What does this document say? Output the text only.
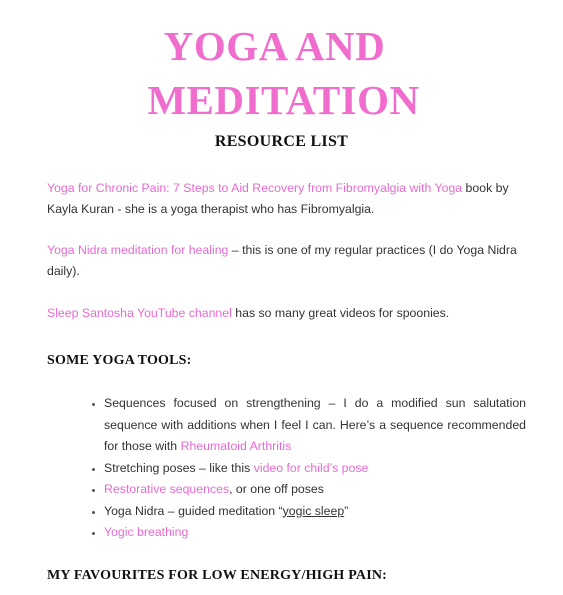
YOGA AND
MEDITATION
RESOURCE LIST
Yoga for Chronic Pain: 7 Steps to Aid Recovery from Fibromyalgia with Yoga book by Kayla Kuran - she is a yoga therapist who has Fibromyalgia.
Yoga Nidra meditation for healing – this is one of my regular practices (I do Yoga Nidra daily).
Sleep Santosha YouTube channel has so many great videos for spoonies.
SOME YOGA TOOLS:
• Sequences focused on strengthening – I do a modified sun salutation sequence with additions when I feel I can. Here’s a sequence recommended for those with Rheumatoid Arthritis
• Stretching poses – like this video for child’s pose
• Restorative sequences, or one off poses
• Yoga Nidra – guided meditation “yogic sleep”
• Yogic breathing
MY FAVOURITES FOR LOW ENERGY/HIGH PAIN:
